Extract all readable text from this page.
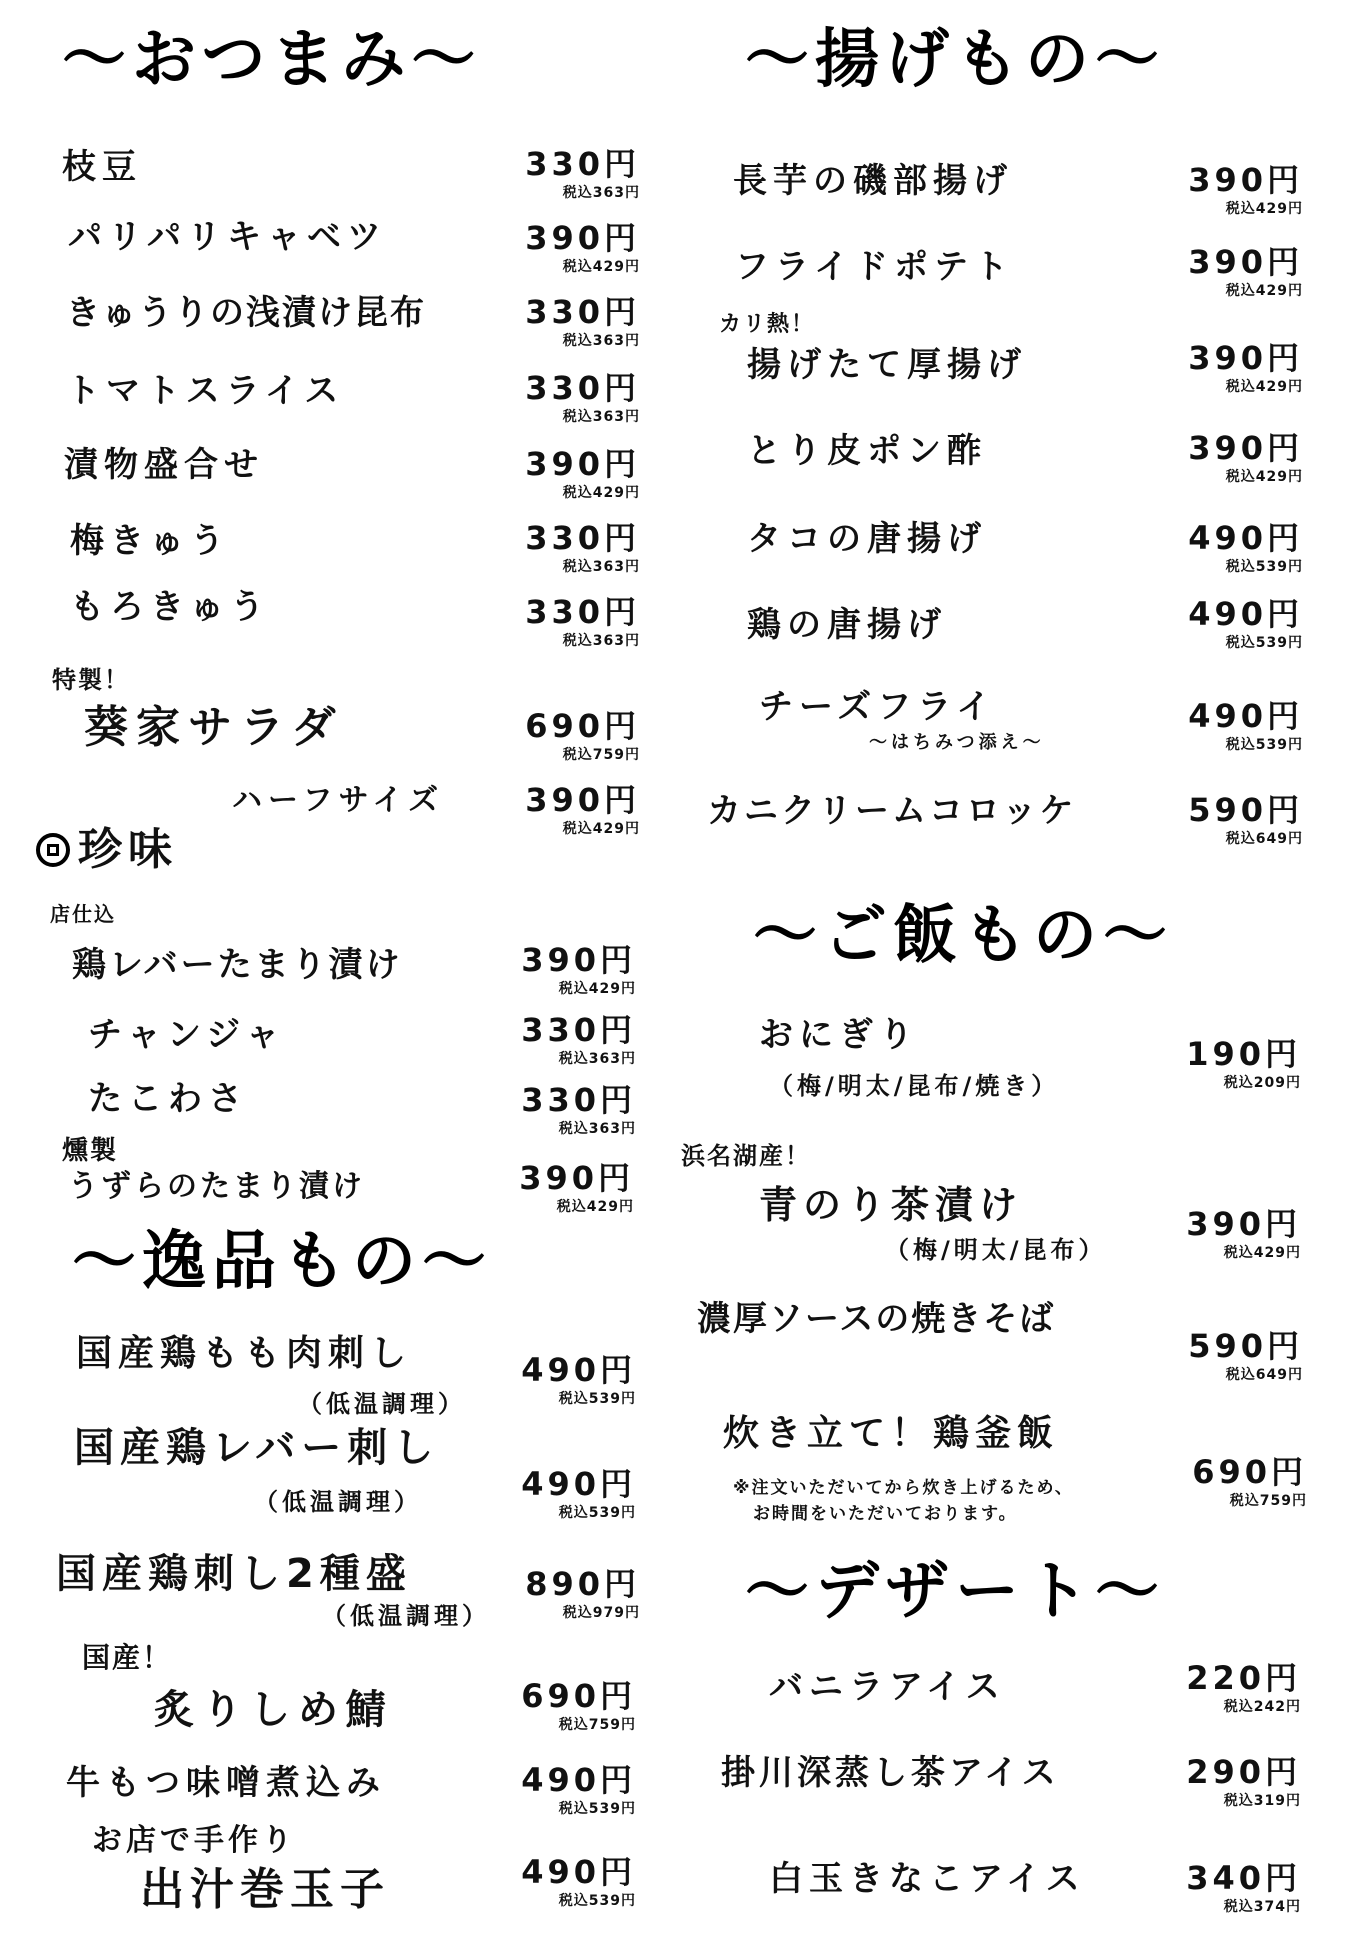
〜おつまみ〜
枝豆	330円
税込363円
パリパリキャベツ	390円
税込429円
きゅうりの浅漬け昆布	330円
税込363円
トマトスライス	330円
税込363円
漬物盛合せ	390円
税込429円
梅きゅう	330円
税込363円
もろきゅう	330円
税込363円
特製！
葵家サラダ	690円
税込759円
ハーフサイズ	390円
税込429円
珍味
店仕込
鶏レバーたまり漬け	390円
税込429円
チャンジャ	330円
税込363円
たこわさ	330円
税込363円
燻製
うずらのたまり漬け	390円
税込429円
〜逸品もの〜
国産鶏もも肉刺し
（低温調理）
490円
税込539円
国産鶏レバー刺し
（低温調理）	490円
税込539円
国産鶏刺し2種盛
（低温調理）
890円
税込979円
国産！
炙りしめ鯖	690円
税込759円
牛もつ味噌煮込み	490円
税込539円
お店で手作り
出汁巻玉子	490円
税込539円
〜揚げもの〜
長芋の磯部揚げ	390円
税込429円
フライドポテト	390円
税込429円
カリ熱！
揚げたて厚揚げ	390円
税込429円
とり皮ポン酢	390円
税込429円
タコの唐揚げ	490円
税込539円
鶏の唐揚げ	490円
税込539円
チーズフライ
〜はちみつ添え〜
490円
税込539円
カニクリームコロッケ	590円
税込649円
〜ご飯もの〜
おにぎり
（梅/明太/昆布/焼き）
190円
税込209円
浜名湖産！
青のり茶漬け
（梅/明太/昆布）
390円
税込429円
濃厚ソースの焼きそば
590円
税込649円
炊き立て！鶏釜飯
※注文いただいてから炊き上げるため、
お時間をいただいております。
690円
税込759円
〜デザート〜
バニラアイス	220円
税込242円
掛川深蒸し茶アイス	290円
税込319円
白玉きなこアイス	340円
税込374円
